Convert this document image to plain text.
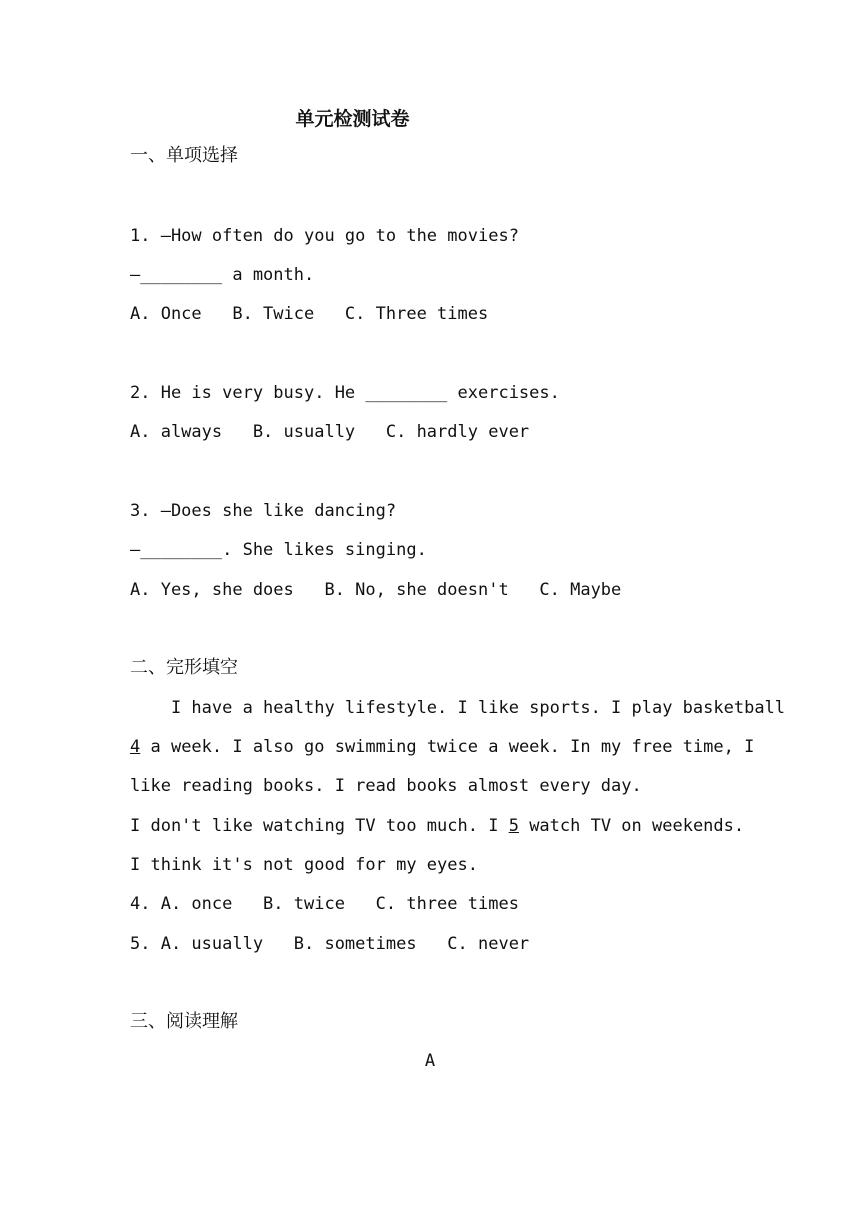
单元检测试卷
一、单项选择
1. —How often do you go to the movies?
—________ a month.
A. Once   B. Twice   C. Three times
2. He is very busy. He ________ exercises.
A. always   B. usually   C. hardly ever
3. —Does she like dancing?
—________. She likes singing.
A. Yes, she does   B. No, she doesn't   C. Maybe
二、完形填空
I have a healthy lifestyle. I like sports. I play basketball
4 a week. I also go swimming twice a week. In my free time, I
like reading books. I read books almost every day.
I don't like watching TV too much. I 5 watch TV on weekends.
I think it's not good for my eyes.
4. A. once   B. twice   C. three times
5. A. usually   B. sometimes   C. never
三、阅读理解
A
